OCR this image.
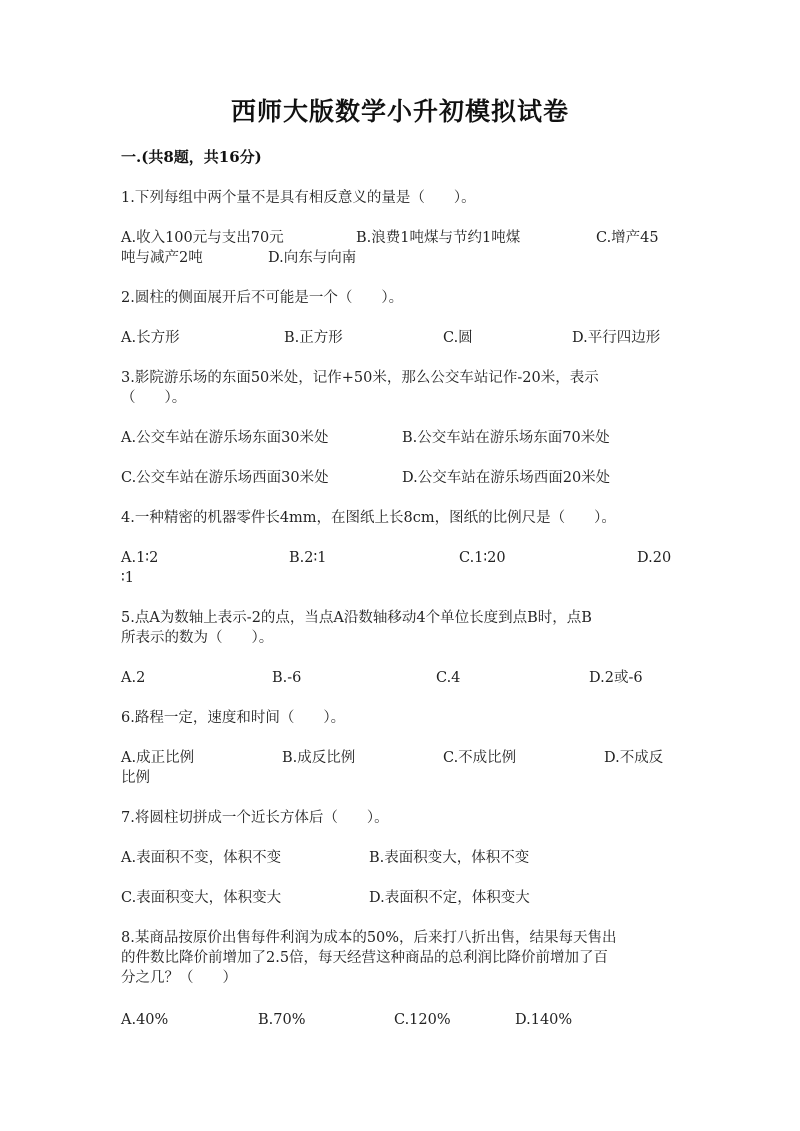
西师大版数学小升初模拟试卷
一.(共8题，共16分)
1.下列每组中两个量不是具有相反意义的量是（　　）。
A.收入100元与支出70元	B.浪费1吨煤与节约1吨煤	C.增产45
吨与减产2吨	D.向东与向南
2.圆柱的侧面展开后不可能是一个（　　）。
A.长方形	B.正方形	C.圆	D.平行四边形
3.影院游乐场的东面50米处，记作+50米，那么公交车站记作-20米，表示
（　　）。
A.公交车站在游乐场东面30米处	B.公交车站在游乐场东面70米处
C.公交车站在游乐场西面30米处	D.公交车站在游乐场西面20米处
4.一种精密的机器零件长4mm，在图纸上长8cm，图纸的比例尺是（　　）。
A.1∶2	B.2∶1	C.1∶20	D.20
∶1
5.点A为数轴上表示-2的点，当点A沿数轴移动4个单位长度到点B时，点B
所表示的数为（　　）。
A.2	B.-6	C.4	D.2或-6
6.路程一定，速度和时间（　　）。
A.成正比例	B.成反比例	C.不成比例	D.不成反
比例
7.将圆柱切拼成一个近长方体后（　　）。
A.表面积不变，体积不变	B.表面积变大，体积不变
C.表面积变大，体积变大	D.表面积不定，体积变大
8.某商品按原价出售每件利润为成本的50%，后来打八折出售，结果每天售出
的件数比降价前增加了2.5倍，每天经营这种商品的总利润比降价前增加了百
分之几？（　　）
A.40%	B.70%	C.120%	D.140%
